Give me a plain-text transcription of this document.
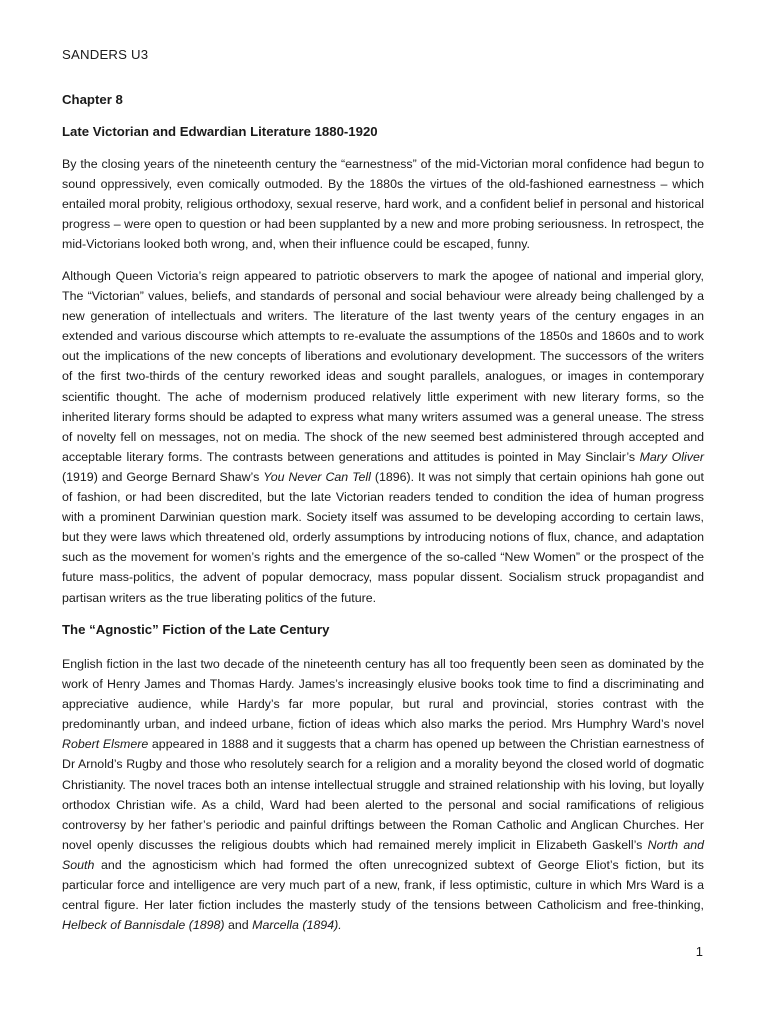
SANDERS U3
Chapter 8
Late Victorian and Edwardian Literature 1880-1920

By the closing years of the nineteenth century the “earnestness” of the mid-Victorian moral confidence had begun to sound oppressively, even comically outmoded. By the 1880s the virtues of the old-fashioned earnestness – which entailed moral probity, religious orthodoxy, sexual reserve, hard work, and a confident belief in personal and historical progress – were open to question or had been supplanted by a new and more probing seriousness. In retrospect, the mid-Victorians looked both wrong, and, when their influence could be escaped, funny.

Although Queen Victoria’s reign appeared to patriotic observers to mark the apogee of national and imperial glory, The “Victorian” values, beliefs, and standards of personal and social behaviour were already being challenged by a new generation of intellectuals and writers. The literature of the last twenty years of the century engages in an extended and various discourse which attempts to re-evaluate the assumptions of the 1850s and 1860s and to work out the implications of the new concepts of liberations and evolutionary development. The successors of the writers of the first two-thirds of the century reworked ideas and sought parallels, analogues, or images in contemporary scientific thought. The ache of modernism produced relatively little experiment with new literary forms, so the inherited literary forms should be adapted to express what many writers assumed was a general unease. The stress of novelty fell on messages, not on media. The shock of the new seemed best administered through accepted and acceptable literary forms. The contrasts between generations and attitudes is pointed in May Sinclair’s Mary Oliver (1919) and George Bernard Shaw’s You Never Can Tell (1896). It was not simply that certain opinions hah gone out of fashion, or had been discredited, but the late Victorian readers tended to condition the idea of human progress with a prominent Darwinian question mark. Society itself was assumed to be developing according to certain laws, but they were laws which threatened old, orderly assumptions by introducing notions of flux, chance, and adaptation such as the movement for women’s rights and the emergence of the so-called “New Women” or the prospect of the future mass-politics, the advent of popular democracy, mass popular dissent. Socialism struck propagandist and partisan writers as the true liberating politics of the future.

The “Agnostic” Fiction of the Late Century

English fiction in the last two decade of the nineteenth century has all too frequently been seen as dominated by the work of Henry James and Thomas Hardy. James’s increasingly elusive books took time to find a discriminating and appreciative audience, while Hardy’s far more popular, but rural and provincial, stories contrast with the predominantly urban, and indeed urbane, fiction of ideas which also marks the period. Mrs Humphry Ward’s novel Robert Elsmere appeared in 1888 and it suggests that a charm has opened up between the Christian earnestness of Dr Arnold’s Rugby and those who resolutely search for a religion and a morality beyond the closed world of dogmatic Christianity. The novel traces both an intense intellectual struggle and strained relationship with his loving, but loyally orthodox Christian wife. As a child, Ward had been alerted to the personal and social ramifications of religious controversy by her father’s periodic and painful driftings between the Roman Catholic and Anglican Churches. Her novel openly discusses the religious doubts which had remained merely implicit in Elizabeth Gaskell’s North and South and the agnosticism which had formed the often unrecognized subtext of George Eliot’s fiction, but its particular force and intelligence are very much part of a new, frank, if less optimistic, culture in which Mrs Ward is a central figure. Her later fiction includes the masterly study of the tensions between Catholicism and free-thinking, Helbeck of Bannisdale (1898) and Marcella (1894).

1
